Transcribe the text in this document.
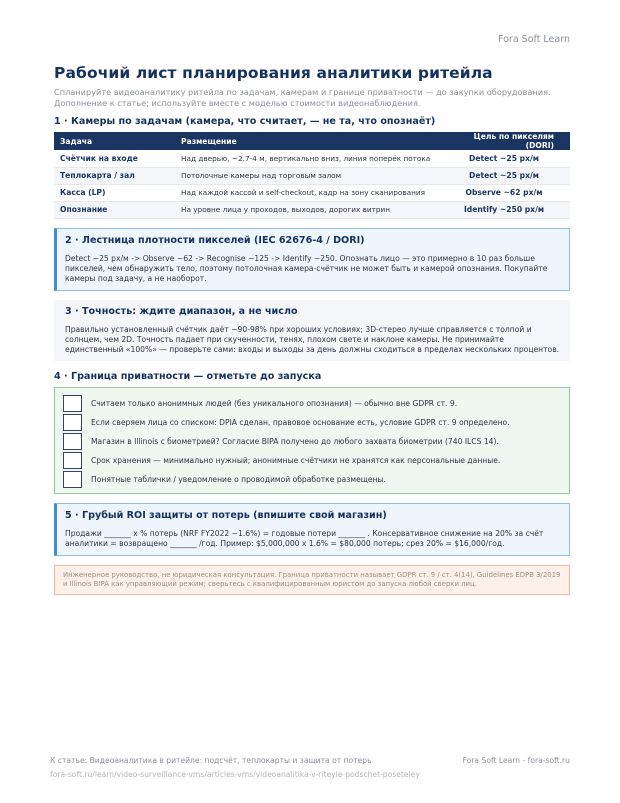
Fora Soft Learn
Рабочий лист планирования аналитики ритейла
Спланируйте видеоаналитику ритейла по задачам, камерам и границе приватности — до закупки оборудования. Дополнение к статье; используйте вместе с моделью стоимости видеонаблюдения.
1 · Камеры по задачам (камера, что считает, — не та, что опознаёт)
Задача	Размещение	Цель по пикселям (DORI)
Счётчик на входе	Над дверью, ~2.7-4 м, вертикально вниз, линия поперёк потока	Detect ~25 px/м
Теплокарта / зал	Потолочные камеры над торговым залом	Detect ~25 px/м
Касса (LP)	Над каждой кассой и self-checkout, кадр на зону сканирования	Observe ~62 px/м
Опознание	На уровне лица у проходов, выходов, дорогих витрин	Identify ~250 px/м
2 · Лестница плотности пикселей (IEC 62676-4 / DORI)

Detect ~25 px/м -> Observe ~62 -> Recognise ~125 -> Identify ~250. Опознать лицо — это примерно в 10 раз больше пикселей, чем обнаружить тело, поэтому потолочная камера-счётчик не может быть и камерой опознания. Покупайте камеры под задачу, а не наоборот.

3 · Точность: ждите диапазон, а не число

Правильно установленный счётчик даёт ~90-98% при хороших условиях; 3D-стерео лучше справляется с толпой и солнцем, чем 2D. Точность падает при скученности, тенях, плохом свете и наклоне камеры. Не принимайте единственный «100%» — проверьте сами: входы и выходы за день должны сходиться в пределах нескольких процентов.

4 · Граница приватности — отметьте до запуска
Считаем только анонимных людей (без уникального опознания) — обычно вне GDPR ст. 9.
Если сверяем лица со списком: DPIA сделан, правовое основание есть, условие GDPR ст. 9 определено.
Магазин в Illinois с биометрией? Согласие BIPA получено до любого захвата биометрии (740 ILCS 14).
Срок хранения — минимально нужный; анонимные счётчики не хранятся как персональные данные.
Понятные таблички / уведомление о проводимой обработке размещены.
5 · Грубый ROI защиты от потерь (впишите свой магазин)

Продажи _______ x % потерь (NRF FY2022 ~1.6%) = годовые потери _______ . Консервативное снижение на 20% за счёт аналитики = возвращено _______ /год. Пример: $5,000,000 x 1.6% = $80,000 потерь; срез 20% = $16,000/год.

Инженерное руководство, не юридическая консультация. Граница приватности называет GDPR ст. 9 / ст. 4(14), Guidelines EDPB 3/2019 и Illinois BIPA как управляющий режим; сверьтесь с квалифицированным юристом до запуска любой сверки лиц.

К статье: Видеоаналитика в ритейле: подсчёт, теплокарты и защита от потерь	Fora Soft Learn - fora-soft.ru
fora-soft.ru/learn/video-surveillance-vms/articles-vms/videoanalitika-v-riteyle-podschet-poseteley
